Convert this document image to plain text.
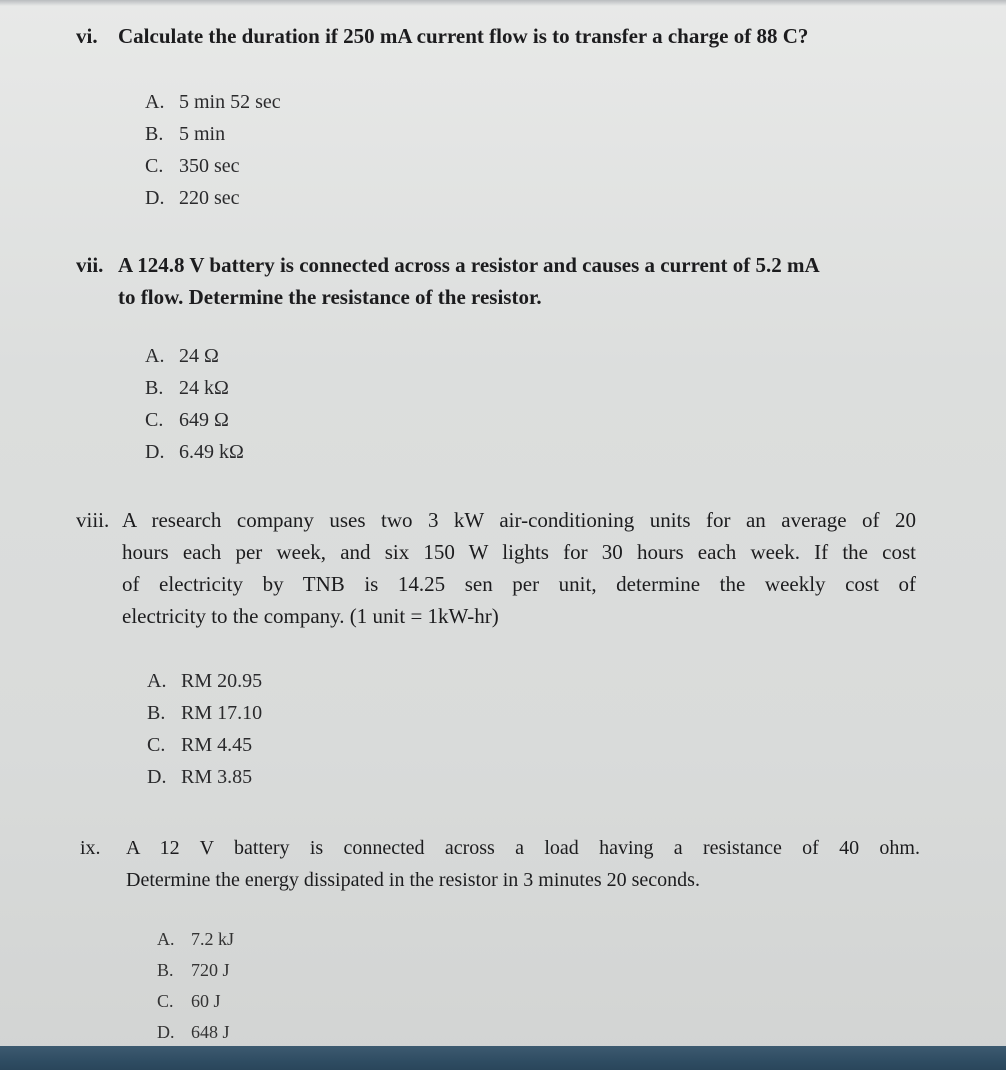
vi. Calculate the duration if 250 mA current flow is to transfer a charge of 88 C?
A. 5 min 52 sec
B. 5 min
C. 350 sec
D. 220 sec
vii. A 124.8 V battery is connected across a resistor and causes a current of 5.2 mA
to flow. Determine the resistance of the resistor.
A. 24 Ω
B. 24 kΩ
C. 649 Ω
D. 6.49 kΩ
viii. A research company uses two 3 kW air-conditioning units for an average of 20
hours each per week, and six 150 W lights for 30 hours each week. If the cost
of electricity by TNB is 14.25 sen per unit, determine the weekly cost of
electricity to the company. (1 unit = 1kW-hr)
A. RM 20.95
B. RM 17.10
C. RM 4.45
D. RM 3.85
ix.	A 12 V battery is connected across a load having a resistance of 40 ohm.
Determine the energy dissipated in the resistor in 3 minutes 20 seconds.
A. 7.2 kJ
B. 720 J
C. 60 J
D. 648 J
